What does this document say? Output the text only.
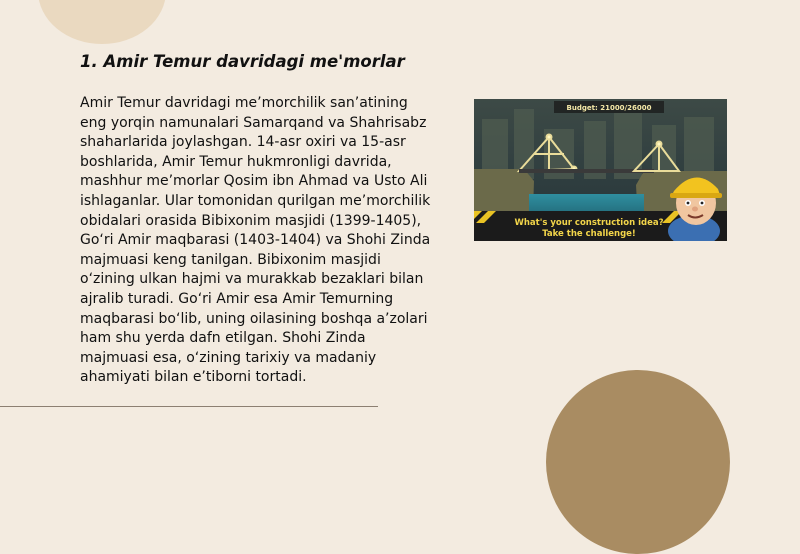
1. Amir Temur davridagi me'morlar

Amir Temur davridagi me’morchilik san’atining eng yorqin namunalari Samarqand va Shahrisabz shaharlarida joylashgan. 14-asr oxiri va 15-asr boshlarida, Amir Temur hukmronligi davrida, mashhur me’morlar Qosim ibn Ahmad va Usto Ali ishlaganlar. Ular tomonidan qurilgan me’morchilik obidalari orasida Bibixonim masjidi (1399-1405), Go‘ri Amir maqbarasi (1403-1404) va Shohi Zinda majmuasi keng tanilgan. Bibixonim masjidi o‘zining ulkan hajmi va murakkab bezaklari bilan ajralib turadi. Go‘ri Amir esa Amir Temurning maqbarasi bo‘lib, uning oilasining boshqa a’zolari ham shu yerda dafn etilgan. Shohi Zinda majmuasi esa, o‘zining tarixiy va madaniy ahamiyati bilan e’tiborni tortadi.

Budget: 21000/26000
What's your construction idea?
Take the challenge!
